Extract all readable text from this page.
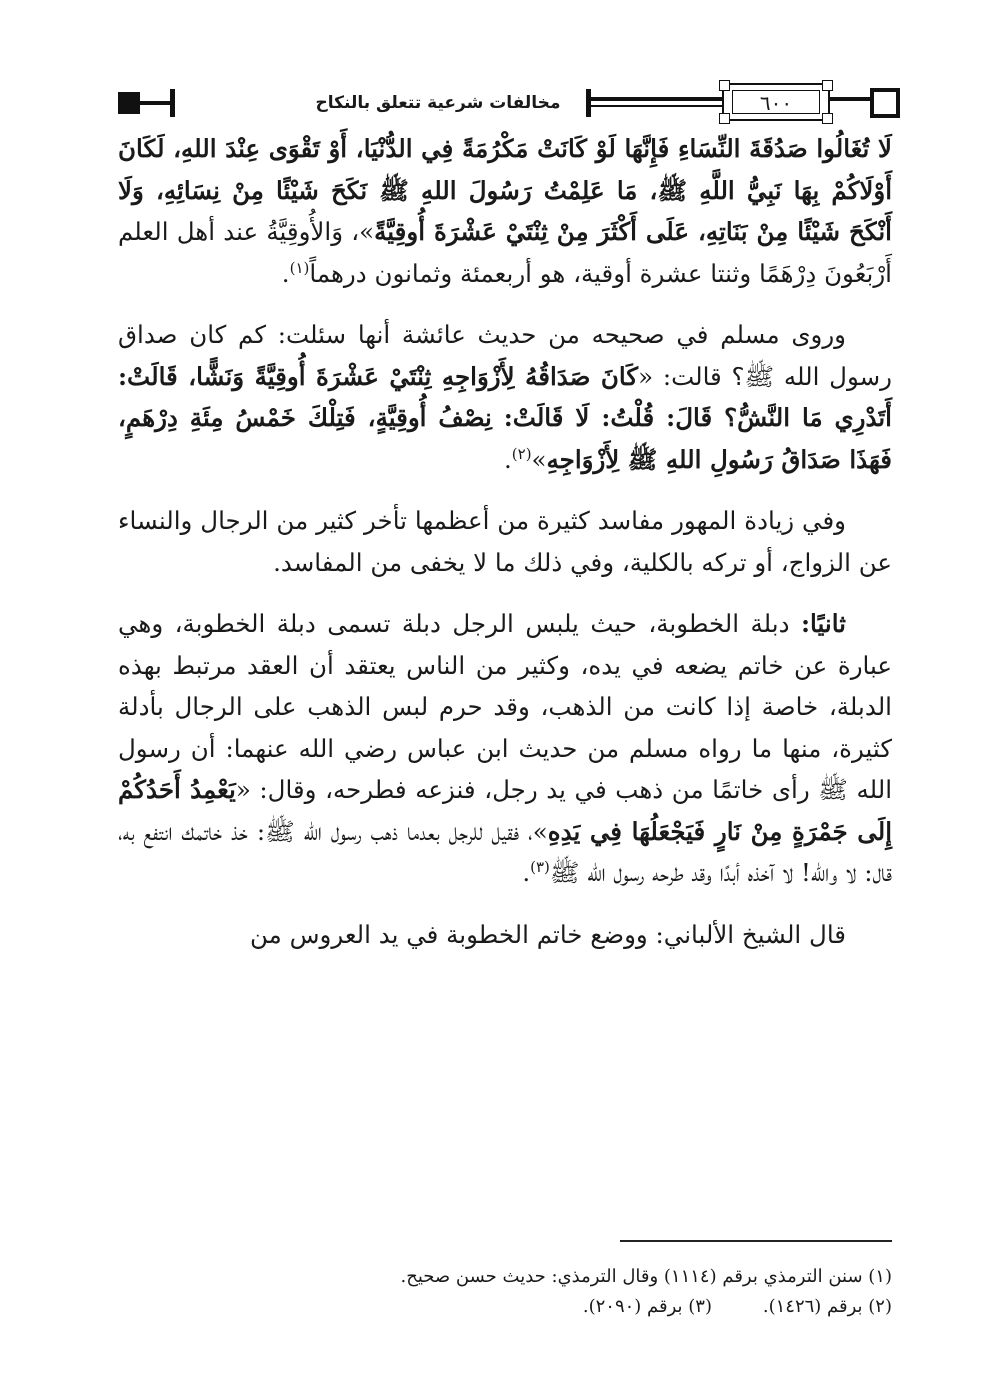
مخالفات شرعية تتعلق بالنكاح	٦٠٠

لَا تُغَالُوا صَدُقَةَ النِّسَاءِ فَإِنَّهَا لَوْ كَانَتْ مَكْرُمَةً فِي الدُّنْيَا، أَوْ تَقْوَى عِنْدَ اللهِ، لَكَانَ أَوْلَاكُمْ بِهَا نَبِيُّ اللَّهِ ﷺ، مَا عَلِمْتُ رَسُولَ اللهِ ﷺ نَكَحَ شَيْئًا مِنْ نِسَائِهِ، وَلَا أَنْكَحَ شَيْئًا مِنْ بَنَاتِهِ، عَلَى أَكْثَرَ مِنْ ثِنْتَيْ عَشْرَةَ أُوقِيَّةً»، وَالأُوقِيَّةُ عند أهل العلم أَرْبَعُونَ دِرْهَمًا وثنتا عشرة أوقية، هو أربعمئة وثمانون درهماً$^{(١)}$.

وروى مسلم في صحيحه من حديث عائشة أنها سئلت: كم كان صداق رسول الله ﷺ؟ قالت: «كَانَ صَدَاقُهُ لِأَزْوَاجِهِ ثِنْتَيْ عَشْرَةَ أُوقِيَّةً وَنَشًّا، قَالَتْ: أَتَدْرِي مَا النَّشُّ؟ قَالَ: قُلْتُ: لَا قَالَتْ: نِصْفُ أُوقِيَّةٍ، فَتِلْكَ خَمْسُ مِئَةِ دِرْهَمٍ، فَهَذَا صَدَاقُ رَسُولِ اللهِ ﷺ لِأَزْوَاجِهِ»$^{(٢)}$.

وفي زيادة المهور مفاسد كثيرة من أعظمها تأخر كثير من الرجال والنساء عن الزواج، أو تركه بالكلية، وفي ذلك ما لا يخفى من المفاسد.

ثانيًا: دبلة الخطوبة، حيث يلبس الرجل دبلة تسمى دبلة الخطوبة، وهي عبارة عن خاتم يضعه في يده، وكثير من الناس يعتقد أن العقد مرتبط بهذه الدبلة، خاصة إذا كانت من الذهب، وقد حرم لبس الذهب على الرجال بأدلة كثيرة، منها ما رواه مسلم من حديث ابن عباس رضي الله عنهما: أن رسول الله ﷺ رأى خاتمًا من ذهب في يد رجل، فنزعه فطرحه، وقال: «يَعْمِدُ أَحَدُكُمْ إِلَى جَمْرَةٍ مِنْ نَارٍ فَيَجْعَلُهَا فِي يَدِهِ»، فقيل للرجل بعدما ذهب رسول الله ﷺ: خذ خاتمك انتفع به، قال: لا والله! لا آخذه أبدًا وقد طرحه رسول الله ﷺ$^{(٣)}$.

قال الشيخ الألباني: ووضع خاتم الخطوبة في يد العروس من

(١) سنن الترمذي برقم (١١١٤) وقال الترمذي: حديث حسن صحيح.
(٢) برقم (١٤٢٦).
(٣) برقم (٢٠٩٠).
